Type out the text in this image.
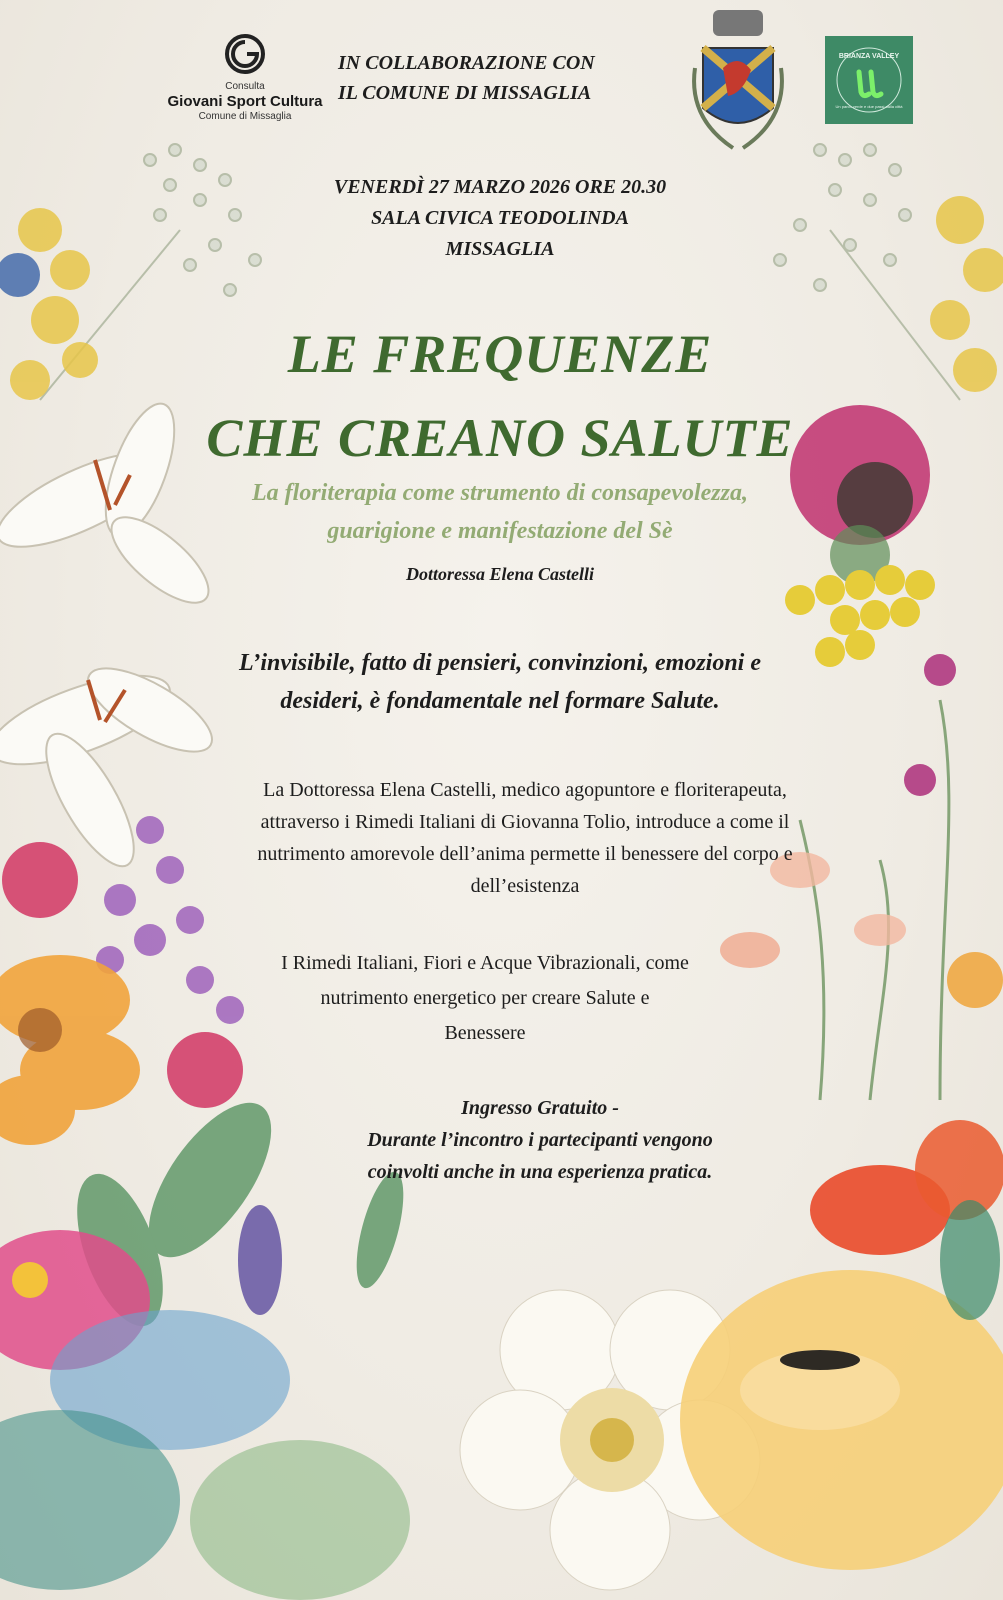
Consulta
Giovani Sport Cultura
Comune di Missaglia
IN COLLABORAZIONE CON
IL COMUNE DI MISSAGLIA
BRIANZA VALLEY
Un parco verde e due passi dalla città
VENERDÌ 27 MARZO 2026 ORE 20.30
SALA CIVICA TEODOLINDA
MISSAGLIA
LE FREQUENZE
CHE CREANO SALUTE
La floriterapia come strumento di consapevolezza,
guarigione e manifestazione del Sè
Dottoressa Elena Castelli
L’invisibile, fatto di pensieri, convinzioni, emozioni e
desideri, è fondamentale nel formare Salute.
La Dottoressa Elena Castelli, medico agopuntore e floriterapeuta,
attraverso i Rimedi Italiani di Giovanna Tolio, introduce a come il
nutrimento amorevole dell’anima permette il benessere del corpo e
dell’esistenza
I Rimedi Italiani, Fiori e Acque Vibrazionali, come
nutrimento energetico per creare Salute e
Benessere
Ingresso Gratuito -
Durante l’incontro i partecipanti vengono
coinvolti anche in una esperienza pratica.
